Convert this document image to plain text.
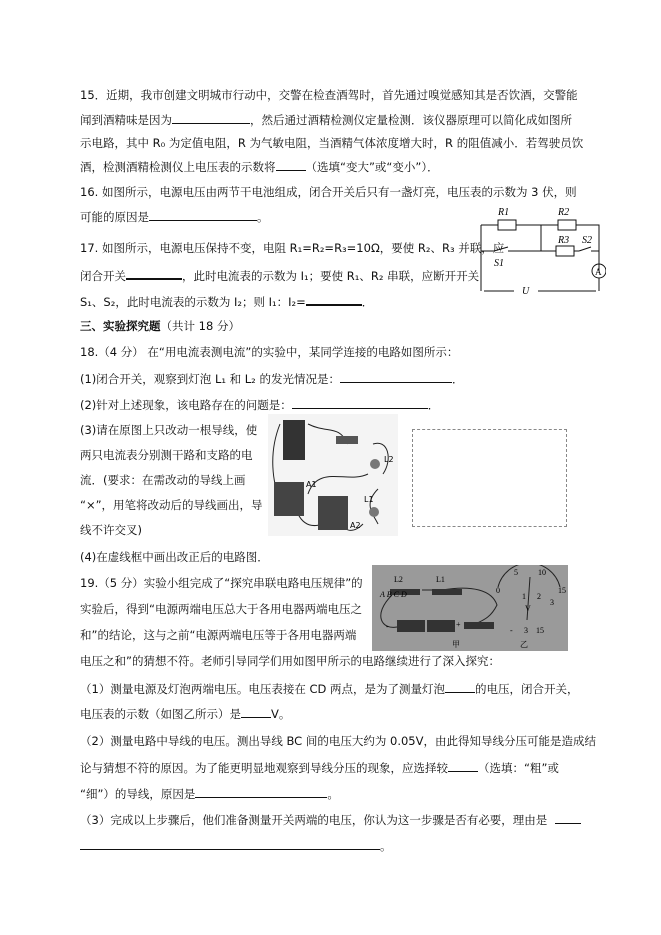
15．近期，我市创建文明城市行动中，交警在检查酒驾时，首先通过嗅觉感知其是否饮酒，交警能
闻到酒精味是因为	，然后通过酒精检测仪定量检测．该仪器原理可以简化成如图所
示电路，其中 R₀ 为定值电阻，R 为气敏电阻，当酒精气体浓度增大时，R 的阻值减小．若驾驶员饮
酒，检测酒精检测仪上电压表的示数将	（选填“变大”或“变小”）．
16. 如图所示，电源电压由两节干电池组成，闭合开关后只有一盏灯亮，电压表的示数为 3 伏，则
可能的原因是	。
17. 如图所示，电源电压保持不变，电阻 R₁=R₂=R₃=10Ω，要使 R₂、R₃ 并联，应
闭合开关	，此时电流表的示数为 I₁；要使 R₁、R₂ 串联，应断开开关
S₁、S₂，此时电流表的示数为 I₂；则 I₁：I₂=	．
R1	R2
R3 S2
S1
A
U
三、实验探究题（共计 18 分）
18.（4 分） 在“用电流表测电流”的实验中，某同学连接的电路如图所示：
(1)闭合开关，观察到灯泡 L₁ 和 L₂ 的发光情况是：	．
(2)针对上述现象，该电路存在的问题是：	．
(3)请在原图上只改动一根导线，使
两只电流表分别测干路和支路的电
流．(要求：在需改动的导线上画
“×”，用笔将改动后的导线画出，导
线不许交叉)
(4)在虚线框中画出改正后的电路图．
A1
A2
L2
L1
19.（5 分）实验小组完成了“探究串联电路电压规律”的
实验后，得到“电源两端电压总大于各用电器两端电压之
和”的结论，这与之前“电源两端电压等于各用电器两端
电压之和”的猜想不符。老师引导同学们用如图甲所示的电路继续进行了深入探究：
L2	L1
A B C D
+
-
甲
0
5	10
15
1 2
3
V
- 3 15
乙
（1）测量电源及灯泡两端电压。电压表接在 CD 两点，是为了测量灯泡	的电压，闭合开关，
电压表的示数（如图乙所示）是	V。
（2）测量电路中导线的电压。测出导线 BC 间的电压大约为 0.05V，由此得知导线分压可能是造成结
论与猜想不符的原因。为了能更明显地观察到导线分压的现象，应选择较	（选填：“粗”或
“细”）的导线，原因是	。
（3）完成以上步骤后，他们准备测量开关两端的电压，你认为这一步骤是否有必要，理由是
。
